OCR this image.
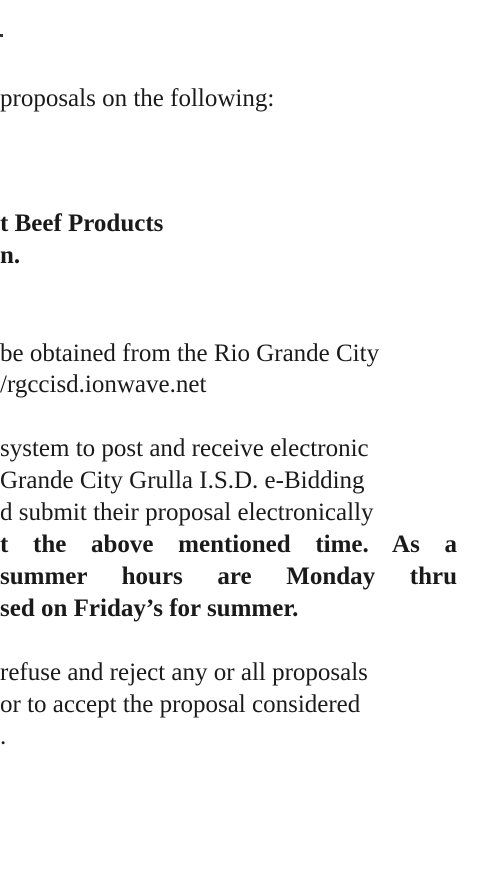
proposals on the following:
t Beef Products
n.
be obtained from the Rio Grande City
/rgccisd.ionwave.net
system to post and receive electronic
Grande City Grulla I.S.D. e-Bidding
d submit their proposal electronically
t the above mentioned time. As a
summer hours are Monday thru
sed on Friday’s for summer.
refuse and reject any or all proposals
or to accept the proposal considered
.
